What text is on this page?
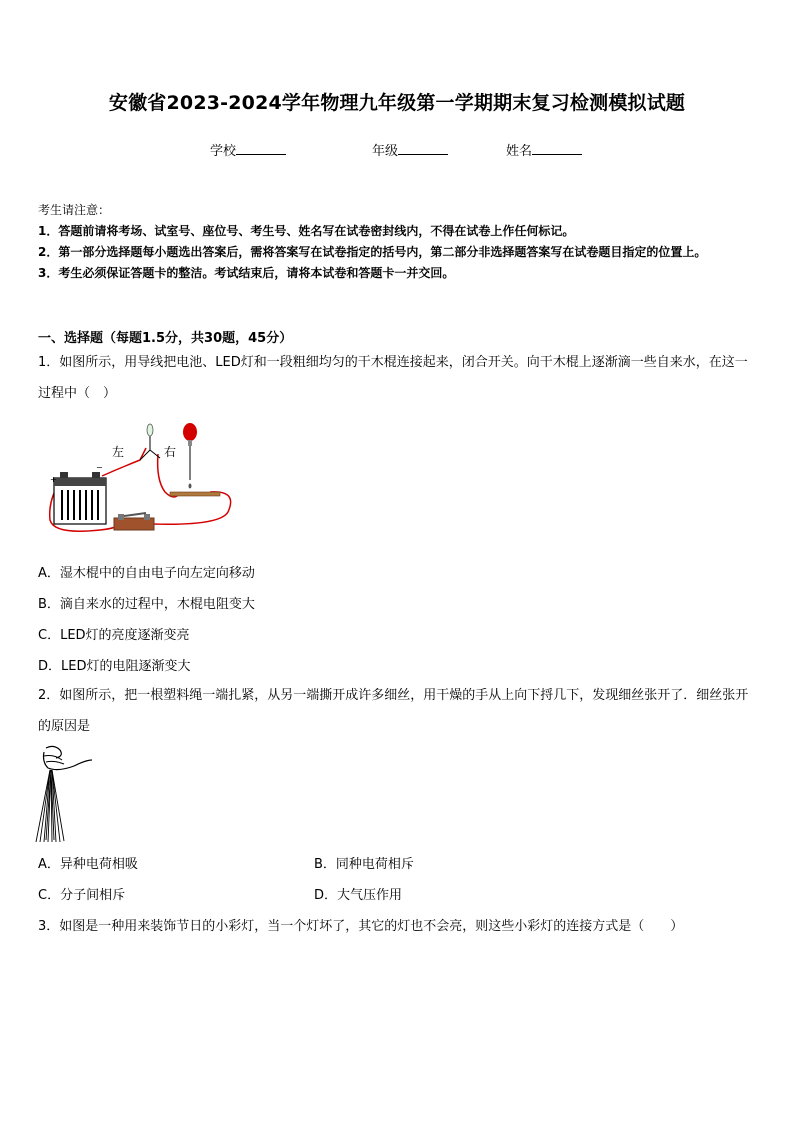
安徽省2023-2024学年物理九年级第一学期期末复习检测模拟试题
学校	年级	姓名
考生请注意：
1．答题前请将考场、试室号、座位号、考生号、姓名写在试卷密封线内，不得在试卷上作任何标记。
2．第一部分选择题每小题选出答案后，需将答案写在试卷指定的括号内，第二部分非选择题答案写在试卷题目指定的位置上。
3．考生必须保证答题卡的整洁。考试结束后，请将本试卷和答题卡一并交回。
一、选择题（每题1.5分，共30题，45分）
1．如图所示，用导线把电池、LED灯和一段粗细均匀的干木棍连接起来，闭合开关。向干木棍上逐渐滴一些自来水，在这一过程中（　）
+
−
左	右
A．湿木棍中的自由电子向左定向移动
B．滴自来水的过程中，木棍电阻变大
C．LED灯的亮度逐渐变亮
D．LED灯的电阻逐渐变大
2．如图所示，把一根塑料绳一端扎紧，从另一端撕开成许多细丝，用干燥的手从上向下捋几下，发现细丝张开了．细丝张开的原因是
A．异种电荷相吸	B．同种电荷相斥
C．分子间相斥	D．大气压作用
3．如图是一种用来装饰节日的小彩灯，当一个灯坏了，其它的灯也不会亮，则这些小彩灯的连接方式是（　　）
